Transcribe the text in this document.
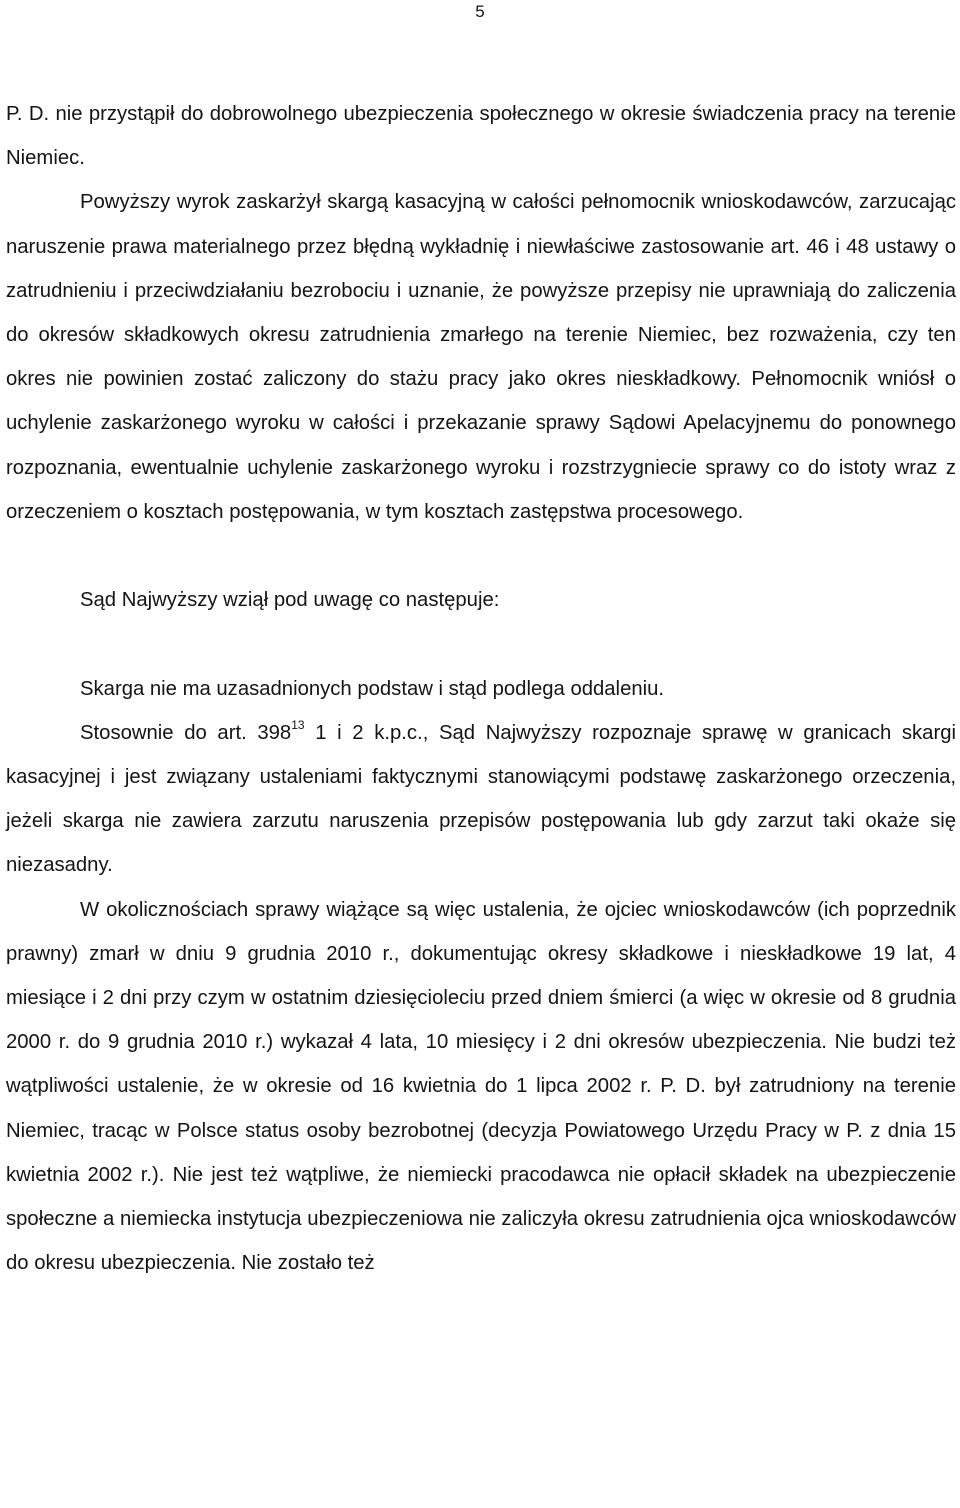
5

P. D. nie przystąpił do dobrowolnego ubezpieczenia społecznego w okresie świadczenia pracy na terenie Niemiec.

Powyższy wyrok zaskarżył skargą kasacyjną w całości pełnomocnik wnioskodawców, zarzucając naruszenie prawa materialnego przez błędną wykładnię i niewłaściwe zastosowanie art. 46 i 48 ustawy o zatrudnieniu i przeciwdziałaniu bezrobociu i uznanie, że powyższe przepisy nie uprawniają do zaliczenia do okresów składkowych okresu zatrudnienia zmarłego na terenie Niemiec, bez rozważenia, czy ten okres nie powinien zostać zaliczony do stażu pracy jako okres nieskładkowy. Pełnomocnik wniósł o uchylenie zaskarżonego wyroku w całości i przekazanie sprawy Sądowi Apelacyjnemu do ponownego rozpoznania, ewentualnie uchylenie zaskarżonego wyroku i rozstrzygniecie sprawy co do istoty wraz z orzeczeniem o kosztach postępowania, w tym kosztach zastępstwa procesowego.

Sąd Najwyższy wziął pod uwagę co następuje:

Skarga nie ma uzasadnionych podstaw i stąd podlega oddaleniu.

Stosownie do art. $398^{13}$ 1 i 2 k.p.c., Sąd Najwyższy rozpoznaje sprawę w granicach skargi kasacyjnej i jest związany ustaleniami faktycznymi stanowiącymi podstawę zaskarżonego orzeczenia, jeżeli skarga nie zawiera zarzutu naruszenia przepisów postępowania lub gdy zarzut taki okaże się niezasadny.

W okolicznościach sprawy wiążące są więc ustalenia, że ojciec wnioskodawców (ich poprzednik prawny) zmarł w dniu 9 grudnia 2010 r., dokumentując okresy składkowe i nieskładkowe 19 lat, 4 miesiące i 2 dni przy czym w ostatnim dziesięcioleciu przed dniem śmierci (a więc w okresie od 8 grudnia 2000 r. do 9 grudnia 2010 r.) wykazał 4 lata, 10 miesięcy i 2 dni okresów ubezpieczenia. Nie budzi też wątpliwości ustalenie, że w okresie od 16 kwietnia do 1 lipca 2002 r. P. D. był zatrudniony na terenie Niemiec, tracąc w Polsce status osoby bezrobotnej (decyzja Powiatowego Urzędu Pracy w P. z dnia 15 kwietnia 2002 r.). Nie jest też wątpliwe, że niemiecki pracodawca nie opłacił składek na ubezpieczenie społeczne a niemiecka instytucja ubezpieczeniowa nie zaliczyła okresu zatrudnienia ojca wnioskodawców do okresu ubezpieczenia. Nie zostało też
